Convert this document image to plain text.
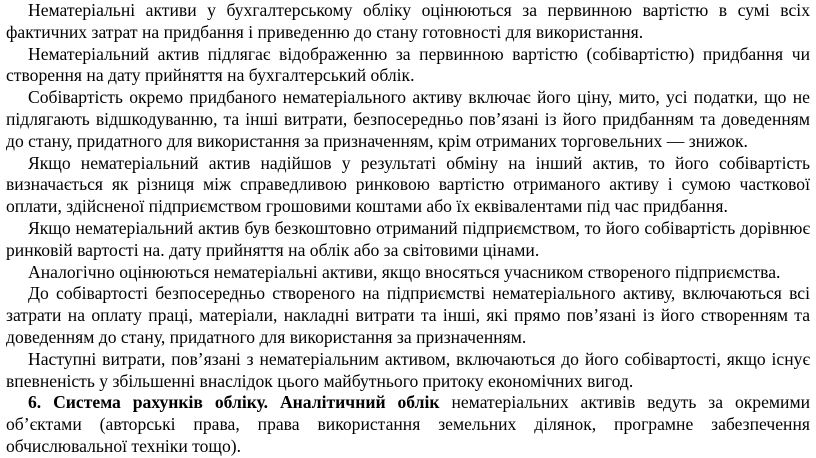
Нематеріальні активи у бухгалтерському обліку оцінюються за первинною вартістю в сумі всіх фактичних затрат на придбання і приведенню до стану готовності для використання.

Нематеріальний актив підлягає відображенню за первинною вартістю (собівартістю) придбання чи створення на дату прийняття на бухгалтерський облік.

Собівартість окремо придбаного нематеріального активу включає його ціну, мито, усі податки, що не підлягають відшкодуванню, та інші витрати, безпосередньо пов’язані із його придбанням та доведенням до стану, придатного для використання за призначенням, крім отриманих торговельних — знижок.

Якщо нематеріальний актив надійшов у результаті обміну на інший актив, то його собівартість визначається як різниця між справедливою ринковою вартістю отриманого активу і сумою часткової оплати, здійсненої підприємством грошовими коштами або їх еквівалентами під час придбання.

Якщо нематеріальний актив був безкоштовно отриманий підприємством, то його собівартість дорівнює ринковій вартості на. дату прийняття на облік або за світовими цінами.

Аналогічно оцінюються нематеріальні активи, якщо вносяться учасником створеного підприємства.

До собівартості безпосередньо створеного на підприємстві нематеріального активу, включаються всі затрати на оплату праці, матеріали, накладні витрати та інші, які прямо пов’язані із його створенням та доведенням до стану, придатного для використання за призначенням.

Наступні витрати, пов’язані з нематеріальним активом, включаються до його собівартості, якщо існує впевненість у збільшенні внаслідок цього майбутнього притоку економічних вигод.

6. Система рахунків обліку. Аналітичний облік нематеріальних активів ведуть за окремими об’єктами (авторські права, права використання земельних ділянок, програмне забезпечення обчислювальної техніки тощо).
